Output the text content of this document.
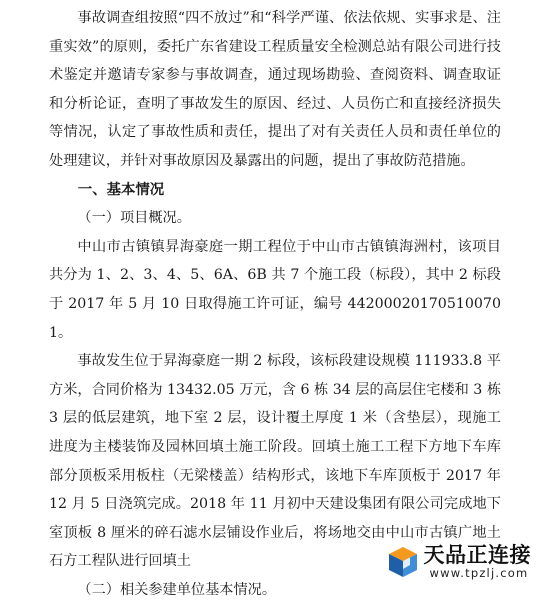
事故调查组按照“四不放过”和“科学严谨、依法依规、实事求是、注重实效”的原则，委托广东省建设工程质量安全检测总站有限公司进行技术鉴定并邀请专家参与事故调查，通过现场勘验、查阅资料、调查取证和分析论证，查明了事故发生的原因、经过、人员伤亡和直接经济损失等情况，认定了事故性质和责任，提出了对有关责任人员和责任单位的处理建议，并针对事故原因及暴露出的问题，提出了事故防范措施。

一、基本情况

（一）项目概况。

中山市古镇镇昇海豪庭一期工程位于中山市古镇镇海洲村，该项目共分为 1、2、3、4、5、6A、6B 共 7 个施工段（标段），其中 2 标段于 2017 年 5 月 10 日取得施工许可证，编号 442000201705100701。

事故发生位于昇海豪庭一期 2 标段，该标段建设规模 111933.8 平方米，合同价格为 13432.05 万元，含 6 栋 34 层的高层住宅楼和 3 栋 3 层的低层建筑，地下室 2 层，设计覆土厚度 1 米（含垫层），现施工进度为主楼装饰及园林回填土施工阶段。回填土施工工程下方地下车库部分顶板采用板柱（无梁楼盖）结构形式，该地下车库顶板于 2017 年 12 月 5 日浇筑完成。2018 年 11 月初中天建设集团有限公司完成地下室顶板 8 厘米的碎石滤水层铺设作业后，将场地交由中山市古镇广地土石方工程队进行回填土

（二）相关参建单位基本情况。

天品正连接
www.tpzlj.com
